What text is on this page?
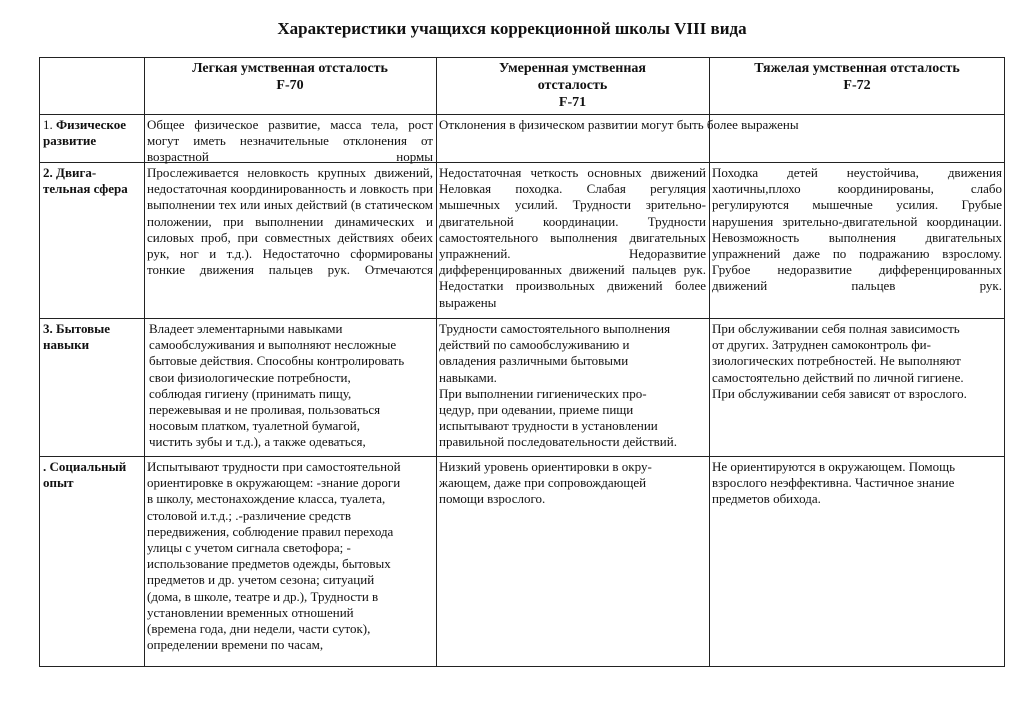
Характеристики учащихся коррекционной школы VIII вида
Легкая умственная отсталость
F-70
Умеренная умственная
отсталость
F-71
Тяжелая умственная отсталость
F-72
1. Физическое
развитие
Общее физическое развитие, масса тела, рост могут иметь незначительные отклонения от возрастной нормы
Отклонения в физическом развитии могут быть более выражены
2. Двига-
тельная сфера
Прослеживается неловкость крупных движений, недостаточная координированность и ловкость при выполнении тех или иных действий (в статическом положении, при выполнении динамических и силовых проб, при совместных действиях обеих рук, ног и т.д.). Недостаточно сформированы тонкие движения пальцев рук. Отмечаются
Недостаточная четкость основных движений Неловкая походка. Слабая регуляция мышечных усилий. Трудности зрительно-двигательной координации. Трудности самостоятельного выполнения двигательных упражнений. Недоразвитие дифференцированных движений пальцев рук. Недостатки произвольных движений более выражены
Походка детей неустойчива, движения хаотичны,плохо координированы, слабо регулируются мышечные усилия. Грубые нарушения зрительно-двигательной координации. Невозможность выполнения двигательных упражнений даже по подражанию взрослому.
Грубое недоразвитие дифференцированных движений пальцев рук.
3. Бытовые
навыки
Владеет элементарными навыками
самообслуживания и выполняют несложные
бытовые действия. Способны контролировать
свои физиологические потребности,
соблюдая гигиену (принимать пищу,
пережевывая и не проливая, пользоваться
носовым платком, туалетной бумагой,
чистить зубы и т.д.), а также одеваться,
Трудности самостоятельного выполнения
действий по самообслуживанию и
овладения различными бытовыми
навыками.
При выполнении гигиенических про-
цедур, при одевании, приеме пищи
испытывают трудности в установлении
правильной последовательности действий.
При обслуживании себя полная зависимость
от других. Затруднен самоконтроль фи-
зиологических потребностей. Не выполняют
самостоятельно действий по личной гигиене.
При обслуживании себя зависят от взрослого.
. Социальный
опыт
Испытывают трудности при самостоятельной
ориентировке в окружающем: -знание дороги
в школу, местонахождение класса, туалета,
столовой и.т.д.; .-различение средств
передвижения, соблюдение правил перехода
улицы с учетом сигнала светофора; -
использование предметов одежды, бытовых
предметов и др. учетом сезона; ситуаций
(дома, в школе, театре и др.), Трудности в
установлении временных отношений
(времена года, дни недели, части суток),
определении времени по часам,
Низкий уровень ориентировки в окру-
жающем, даже при сопровождающей
помощи взрослого.
Не ориентируются в окружающем. Помощь
взрослого неэффективна. Частичное знание
предметов обихода.
